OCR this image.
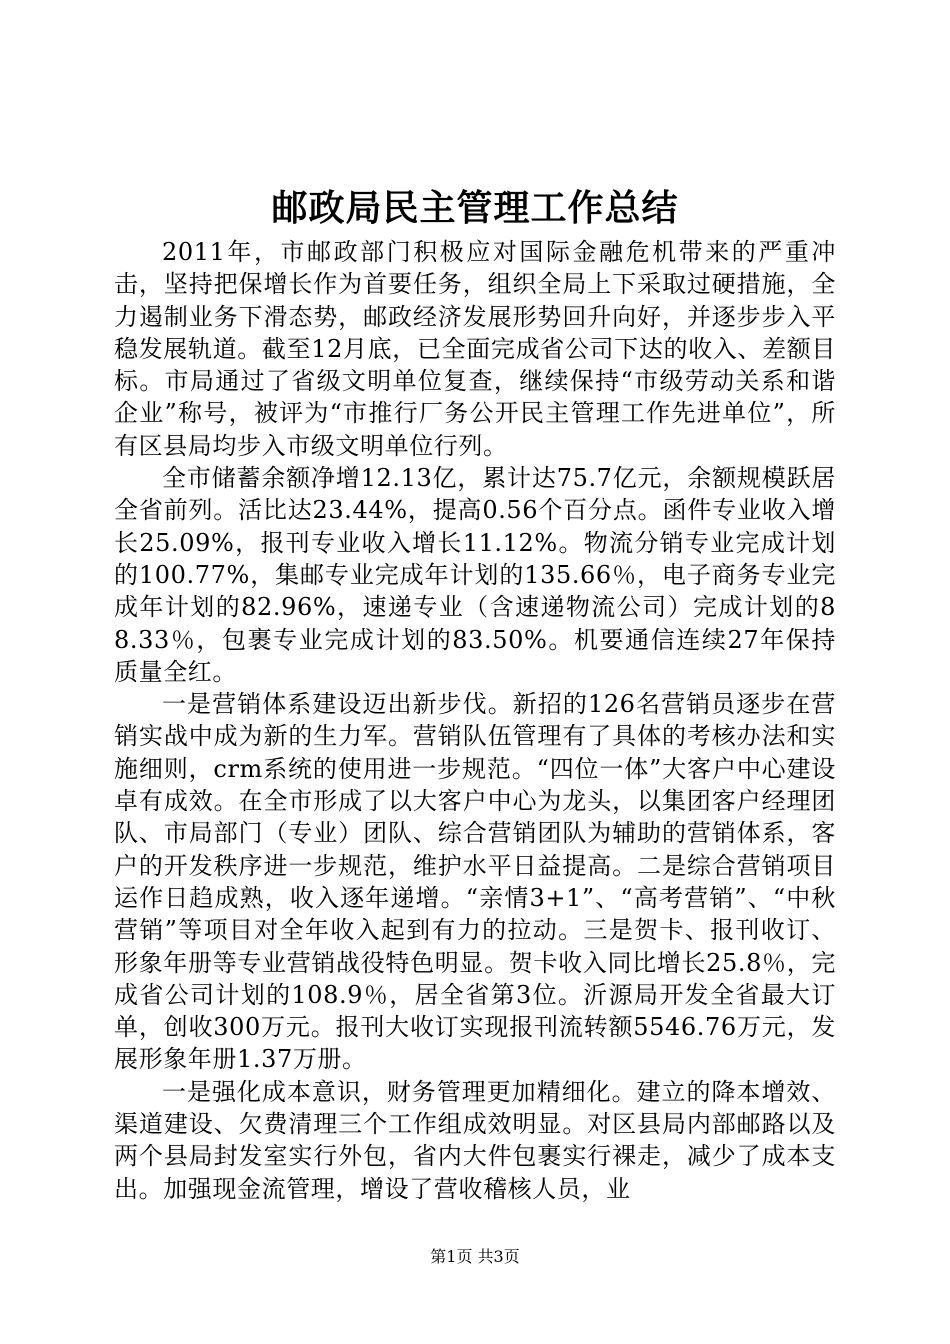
邮政局民主管理工作总结

2011年，市邮政部门积极应对国际金融危机带来的严重冲击，坚持把保增长作为首要任务，组织全局上下采取过硬措施，全力遏制业务下滑态势，邮政经济发展形势回升向好，并逐步步入平稳发展轨道。截至12月底，已全面完成省公司下达的收入、差额目标。市局通过了省级文明单位复查，继续保持“市级劳动关系和谐企业”称号，被评为“市推行厂务公开民主管理工作先进单位”，所有区县局均步入市级文明单位行列。

全市储蓄余额净增12.13亿，累计达75.7亿元，余额规模跃居全省前列。活比达23.44%，提高0.56个百分点。函件专业收入增长25.09%，报刊专业收入增长11.12%。物流分销专业完成计划的100.77%，集邮专业完成年计划的135.66％，电子商务专业完成年计划的82.96%，速递专业（含速递物流公司）完成计划的88.33％，包裹专业完成计划的83.50%。机要通信连续27年保持质量全红。

一是营销体系建设迈出新步伐。新招的126名营销员逐步在营销实战中成为新的生力军。营销队伍管理有了具体的考核办法和实施细则，crm系统的使用进一步规范。“四位一体”大客户中心建设卓有成效。在全市形成了以大客户中心为龙头，以集团客户经理团队、市局部门（专业）团队、综合营销团队为辅助的营销体系，客户的开发秩序进一步规范，维护水平日益提高。二是综合营销项目运作日趋成熟，收入逐年递增。“亲情3+1”、“高考营销”、“中秋营销”等项目对全年收入起到有力的拉动。三是贺卡、报刊收订、形象年册等专业营销战役特色明显。贺卡收入同比增长25.8％，完成省公司计划的108.9％，居全省第3位。沂源局开发全省最大订单，创收300万元。报刊大收订实现报刊流转额5546.76万元，发展形象年册1.37万册。

一是强化成本意识，财务管理更加精细化。建立的降本增效、渠道建设、欠费清理三个工作组成效明显。对区县局内部邮路以及两个县局封发室实行外包，省内大件包裹实行裸走，减少了成本支出。加强现金流管理，增设了营收稽核人员，业

第1页 共3页
